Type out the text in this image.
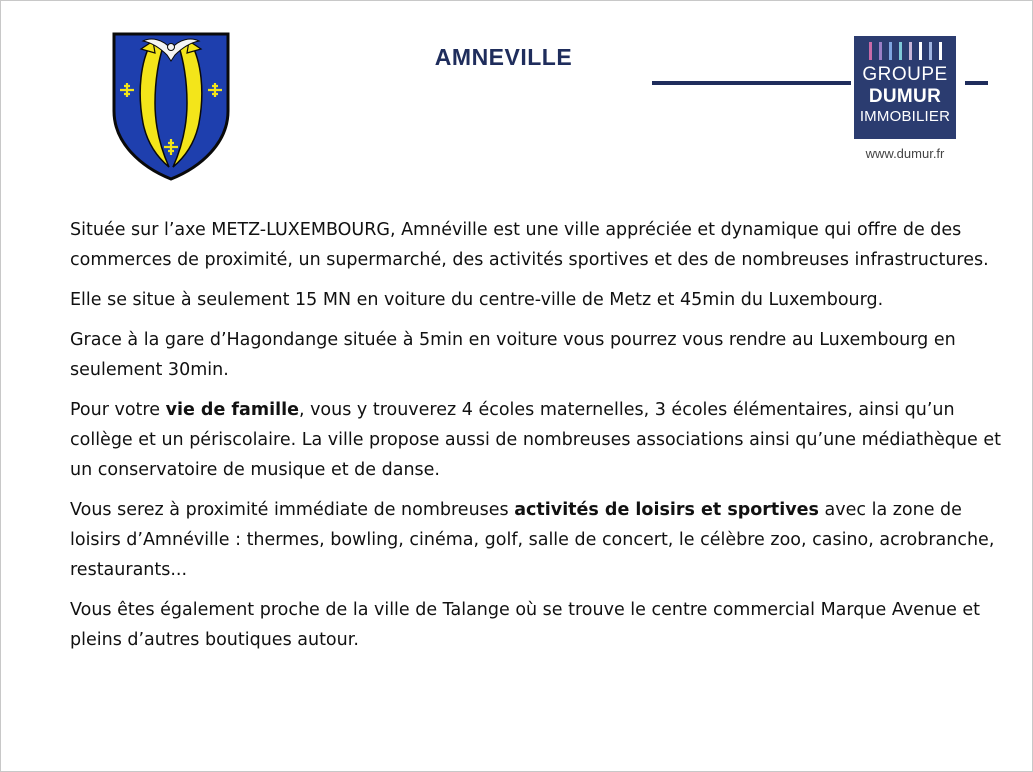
AMNEVILLE
GROUPE
DUMUR
IMMOBILIER
www.dumur.fr

Située sur l’axe METZ-LUXEMBOURG, Amnéville est une ville appréciée et dynamique qui offre de des commerces de proximité, un supermarché, des activités sportives et des de nombreuses infrastructures.

Elle se situe à seulement 15 MN en voiture du centre-ville de Metz et 45min du Luxembourg.

Grace à la gare d’Hagondange située à 5min en voiture vous pourrez vous rendre au Luxembourg en seulement 30min.

Pour votre vie de famille, vous y trouverez 4 écoles maternelles, 3 écoles élémentaires, ainsi qu’un collège et un périscolaire. La ville propose aussi de nombreuses associations ainsi qu’une médiathèque et un conservatoire de musique et de danse.

Vous serez à proximité immédiate de nombreuses activités de loisirs et sportives avec la zone de loisirs d’Amnéville : thermes, bowling, cinéma, golf, salle de concert, le célèbre zoo, casino, acrobranche, restaurants...

Vous êtes également proche de la ville de Talange où se trouve le centre commercial Marque Avenue et pleins d’autres boutiques autour.
